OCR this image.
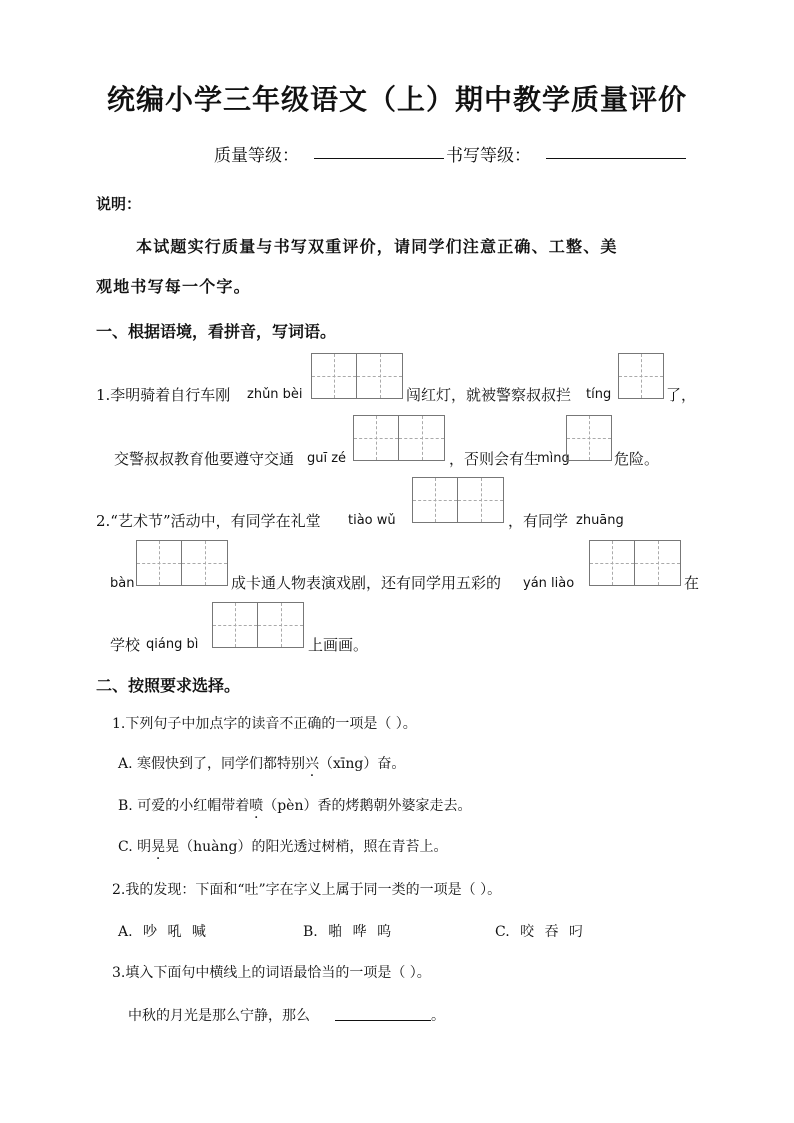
统编小学三年级语文（上）期中教学质量评价
质量等级：	书写等级：
说明：
本试题实行质量与书写双重评价，请同学们注意正确、工整、美
观地书写每一个字。
一、根据语境，看拼音，写词语。
1.李明骑着自行车刚 zhǔn bèi	闯红灯，就被警察叔叔拦 tíng	了，
交警叔叔教育他要遵守交通 guī zé	，否则会有生
mìng	危险。
2.“艺术节”活动中，有同学在礼堂 tiào wǔ	，有同学 zhuāng
bàn	成卡通人物表演戏剧，还有同学用五彩的 yán liào	在
学校 qiáng bì	上画画。
二、按照要求选择。
1.下列句子中加点字的读音不正确的一项是（ ）。
A. 寒假快到了，同学们都特别兴（xīng）奋。
B. 可爱的小红帽带着喷（pèn）香的烤鹅朝外婆家走去。
C. 明晃晃（huàng）的阳光透过树梢，照在青苔上。
2.我的发现：下面和“吐”字在字义上属于同一类的一项是（ ）。
A. 吵 吼 喊	B. 啪 哗 呜	C. 咬 吞 叼
3.填入下面句中横线上的词语最恰当的一项是（ ）。
中秋的月光是那么宁静，那么	。
